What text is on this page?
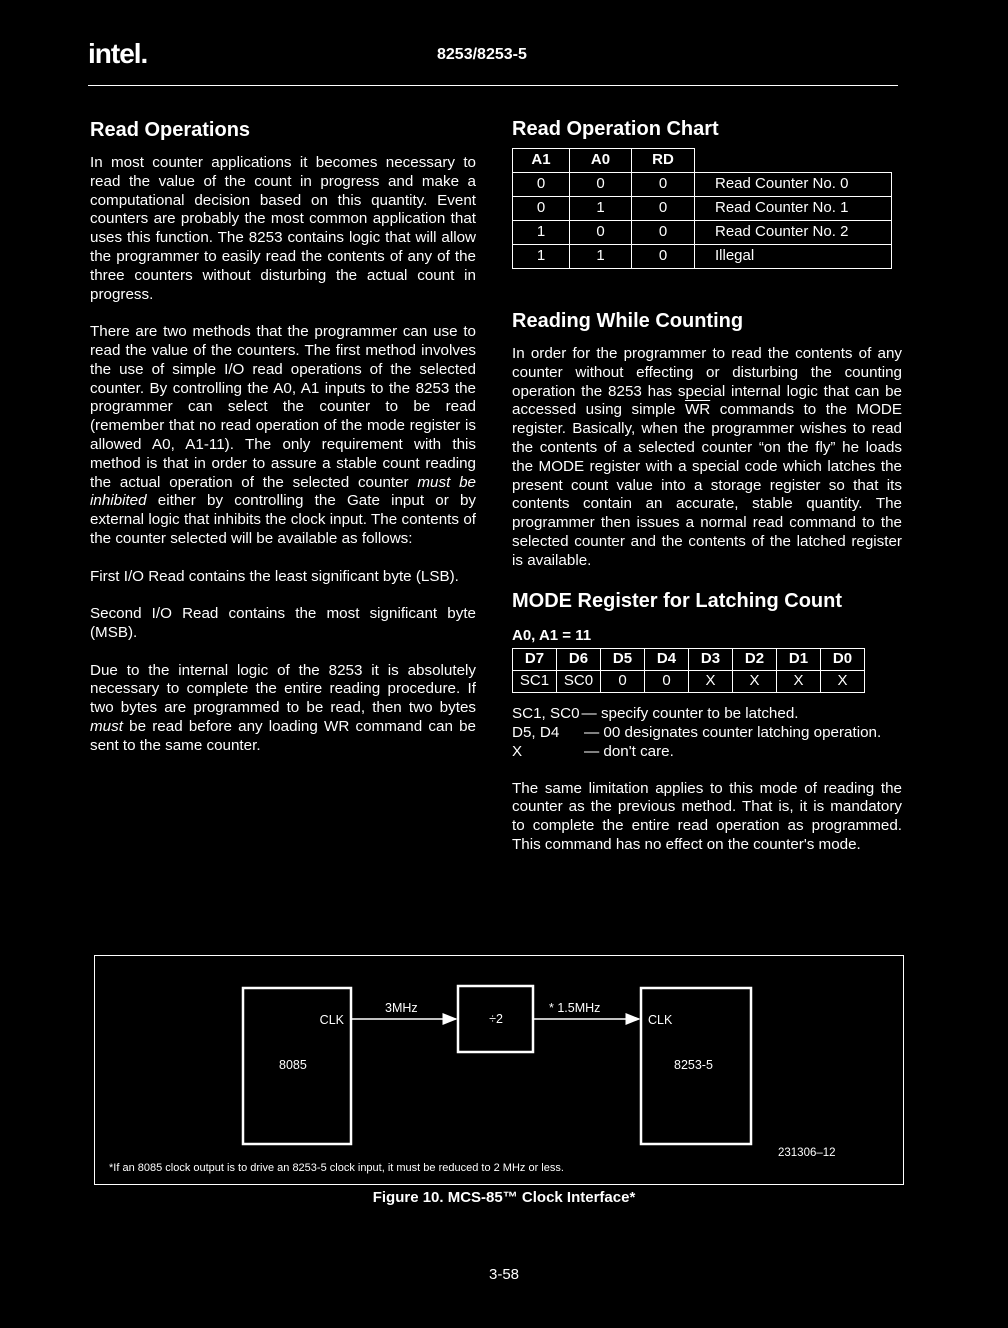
intel.	8253/8253-5
Read Operations

In most counter applications it becomes necessary to read the value of the count in progress and make a computational decision based on this quantity. Event counters are probably the most common application that uses this function. The 8253 contains logic that will allow the programmer to easily read the contents of any of the three counters without disturbing the actual count in progress.

There are two methods that the programmer can use to read the value of the counters. The first method involves the use of simple I/O read operations of the selected counter. By controlling the A0, A1 inputs to the 8253 the programmer can select the counter to be read (remember that no read operation of the mode register is allowed A0, A1-11). The only requirement with this method is that in order to assure a stable count reading the actual operation of the selected counter must be inhibited either by controlling the Gate input or by external logic that inhibits the clock input. The contents of the counter selected will be available as follows:

First I/O Read contains the least significant byte (LSB).

Second I/O Read contains the most significant byte (MSB).

Due to the internal logic of the 8253 it is absolutely necessary to complete the entire reading procedure. If two bytes are programmed to be read, then two bytes must be read before any loading WR command can be sent to the same counter.

Read Operation Chart
A1	A0	RD	
0	0	0	Read Counter No. 0
0	1	0	Read Counter No. 1
1	0	0	Read Counter No. 2
1	1	0	Illegal
Reading While Counting

In order for the programmer to read the contents of any counter without effecting or disturbing the counting operation the 8253 has special internal logic that can be accessed using simple $\overline{WR}$ commands to the MODE register. Basically, when the programmer wishes to read the contents of a selected counter “on the fly” he loads the MODE register with a special code which latches the present count value into a storage register so that its contents contain an accurate, stable quantity. The programmer then issues a normal read command to the selected counter and the contents of the latched register is available.

MODE Register for Latching Count
A0, A1 = 11
D7	D6	D5	D4	D3	D2	D1	D0
SC1	SC0	0	0	X	X	X	X
SC1, SC0 — specify counter to be latched.
D5, D4	— 00 designates counter latching operation.
X	— don't care.

The same limitation applies to this mode of reading the counter as the previous method. That is, it is mandatory to complete the entire read operation as programmed. This command has no effect on the counter's mode.

CLK
3MHz
÷2
* 1.5MHz
CLK
8085	8253-5
231306–12
*If an 8085 clock output is to drive an 8253-5 clock input, it must be reduced to 2 MHz or less.
Figure 10. MCS-85™ Clock Interface*
3-58
